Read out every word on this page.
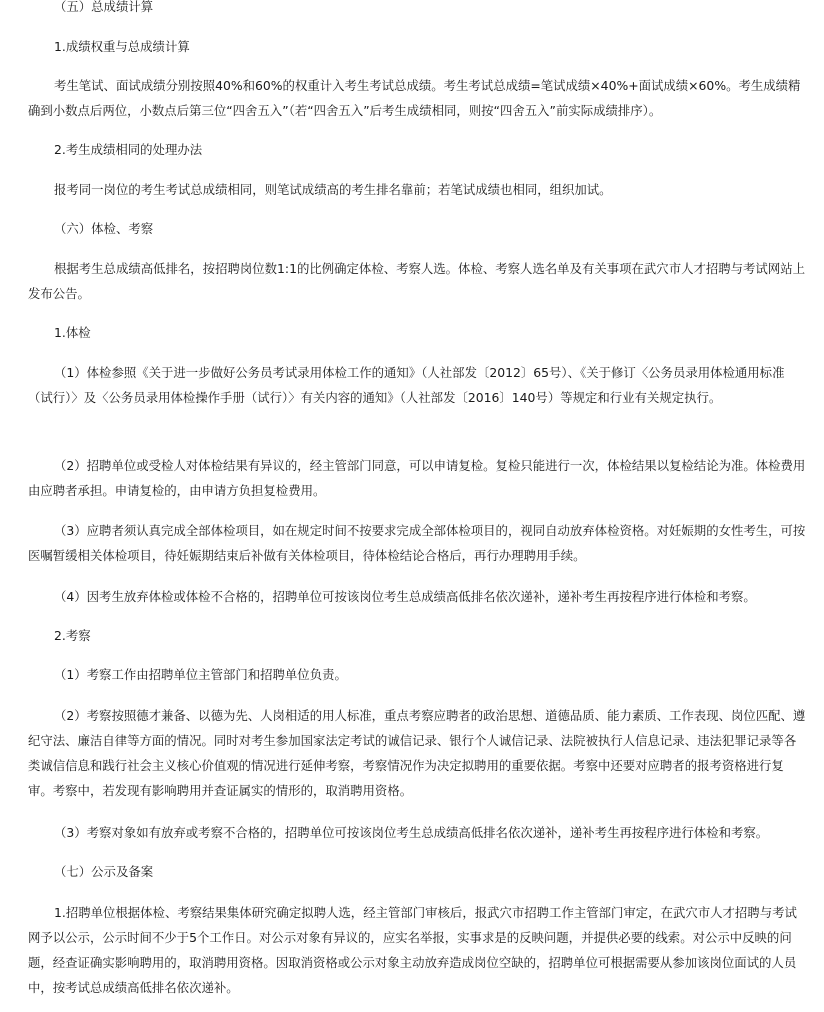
（五）总成绩计算

1.成绩权重与总成绩计算

考生笔试、面试成绩分别按照40%和60%的权重计入考生考试总成绩。考生考试总成绩=笔试成绩×40%+面试成绩×60%。考生成绩精确到小数点后两位，小数点后第三位“四舍五入”（若“四舍五入”后考生成绩相同，则按“四舍五入”前实际成绩排序）。

2.考生成绩相同的处理办法

报考同一岗位的考生考试总成绩相同，则笔试成绩高的考生排名靠前；若笔试成绩也相同，组织加试。

（六）体检、考察

根据考生总成绩高低排名，按招聘岗位数1:1的比例确定体检、考察人选。体检、考察人选名单及有关事项在武穴市人才招聘与考试网站上发布公告。

1.体检

（1）体检参照《关于进一步做好公务员考试录用体检工作的通知》（人社部发〔2012〕65号）、《关于修订〈公务员录用体检通用标准（试行）〉及〈公务员录用体检操作手册（试行）〉有关内容的通知》（人社部发〔2016〕140号）等规定和行业有关规定执行。

（2）招聘单位或受检人对体检结果有异议的，经主管部门同意，可以申请复检。复检只能进行一次，体检结果以复检结论为准。体检费用由应聘者承担。申请复检的，由申请方负担复检费用。

（3）应聘者须认真完成全部体检项目，如在规定时间不按要求完成全部体检项目的，视同自动放弃体检资格。对妊娠期的女性考生，可按医嘱暂缓相关体检项目，待妊娠期结束后补做有关体检项目，待体检结论合格后，再行办理聘用手续。

（4）因考生放弃体检或体检不合格的，招聘单位可按该岗位考生总成绩高低排名依次递补，递补考生再按程序进行体检和考察。

2.考察

（1）考察工作由招聘单位主管部门和招聘单位负责。

（2）考察按照德才兼备、以德为先、人岗相适的用人标准，重点考察应聘者的政治思想、道德品质、能力素质、工作表现、岗位匹配、遵纪守法、廉洁自律等方面的情况。同时对考生参加国家法定考试的诚信记录、银行个人诚信记录、法院被执行人信息记录、违法犯罪记录等各类诚信信息和践行社会主义核心价值观的情况进行延伸考察，考察情况作为决定拟聘用的重要依据。考察中还要对应聘者的报考资格进行复审。考察中，若发现有影响聘用并查证属实的情形的，取消聘用资格。

（3）考察对象如有放弃或考察不合格的，招聘单位可按该岗位考生总成绩高低排名依次递补，递补考生再按程序进行体检和考察。

（七）公示及备案

1.招聘单位根据体检、考察结果集体研究确定拟聘人选，经主管部门审核后，报武穴市招聘工作主管部门审定，在武穴市人才招聘与考试网予以公示，公示时间不少于5个工作日。对公示对象有异议的，应实名举报，实事求是的反映问题，并提供必要的线索。对公示中反映的问题，经查证确实影响聘用的，取消聘用资格。因取消资格或公示对象主动放弃造成岗位空缺的，招聘单位可根据需要从参加该岗位面试的人员中，按考试总成绩高低排名依次递补。
